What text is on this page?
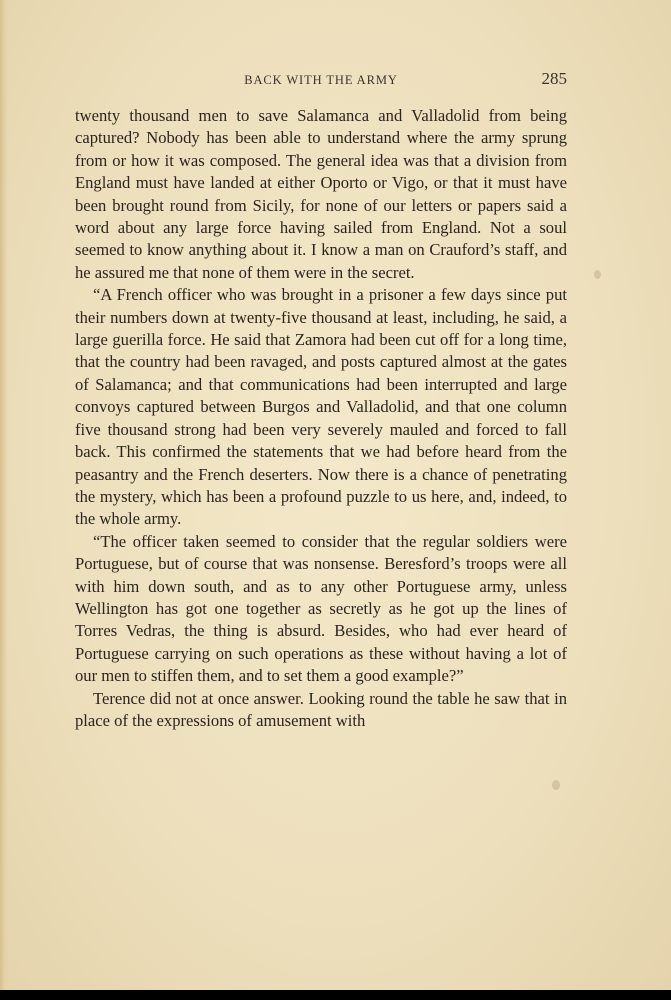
BACK WITH THE ARMY	285

twenty thousand men to save Salamanca and Valladolid from being captured? Nobody has been able to understand where the army sprung from or how it was composed. The general idea was that a division from England must have landed at either Oporto or Vigo, or that it must have been brought round from Sicily, for none of our letters or papers said a word about any large force having sailed from England. Not a soul seemed to know anything about it. I know a man on Crauford’s staff, and he assured me that none of them were in the secret.

“A French officer who was brought in a prisoner a few days since put their numbers down at twenty-five thousand at least, including, he said, a large guerilla force. He said that Zamora had been cut off for a long time, that the country had been ravaged, and posts captured almost at the gates of Salamanca; and that communications had been interrupted and large convoys captured between Burgos and Valladolid, and that one column five thousand strong had been very severely mauled and forced to fall back. This confirmed the statements that we had before heard from the peasantry and the French deserters. Now there is a chance of penetrating the mystery, which has been a profound puzzle to us here, and, indeed, to the whole army.

“The officer taken seemed to consider that the regular soldiers were Portuguese, but of course that was nonsense. Beresford’s troops were all with him down south, and as to any other Portuguese army, unless Wellington has got one together as secretly as he got up the lines of Torres Vedras, the thing is absurd. Besides, who had ever heard of Portuguese carrying on such operations as these without having a lot of our men to stiffen them, and to set them a good example?”

Terence did not at once answer. Looking round the table he saw that in place of the expressions of amusement with
